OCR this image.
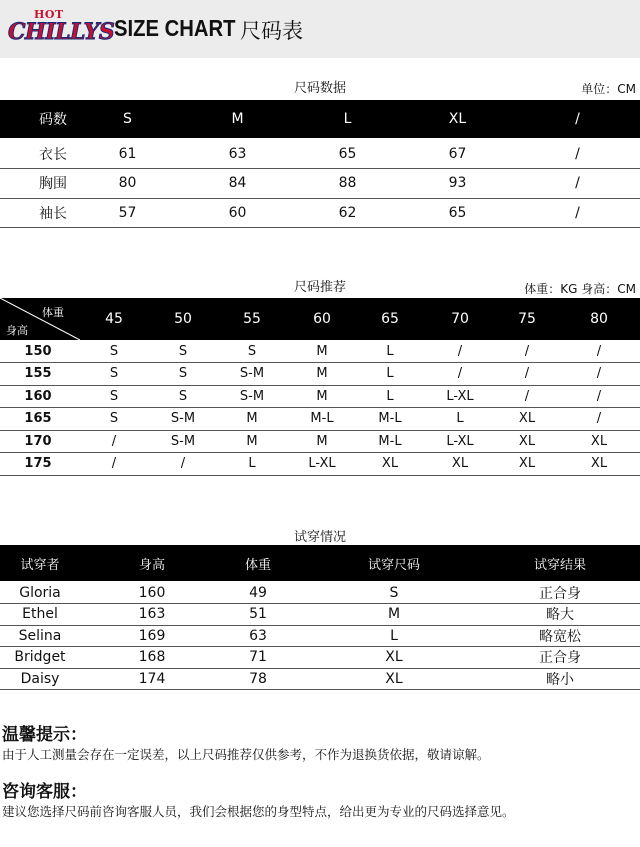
HOT
CHILLYS SIZE CHART 尺码表
尺码数据	单位：CM
码数	S	M	L	XL	/
衣长	61	63	65	67	/
胸围	80	84	88	93	/
袖长	57	60	62	65	/
尺码推荐	体重：KG 身高：CM
体重
身高
45	50	55	60	65	70	75	80
150	S	S	S	M	L	/	/	/
155	S	S	S-M	M	L	/	/	/
160	S	S	S-M	M	L	L-XL	/	/
165	S	S-M	M	M-L	M-L	L	XL	/
170	/	S-M	M	M	M-L	L-XL	XL	XL
175	/	/	L	L-XL	XL	XL	XL	XL
试穿情况
试穿者	身高	体重	试穿尺码	试穿结果
Gloria	160	49	S	正合身
Ethel	163	51	M	略大
Selina	169	63	L	略宽松
Bridget	168	71	XL	正合身
Daisy	174	78	XL	略小
温馨提示：
由于人工测量会存在一定误差，以上尺码推荐仅供参考，不作为退换货依据，敬请谅解。
咨询客服：
建议您选择尺码前咨询客服人员，我们会根据您的身型特点，给出更为专业的尺码选择意见。
